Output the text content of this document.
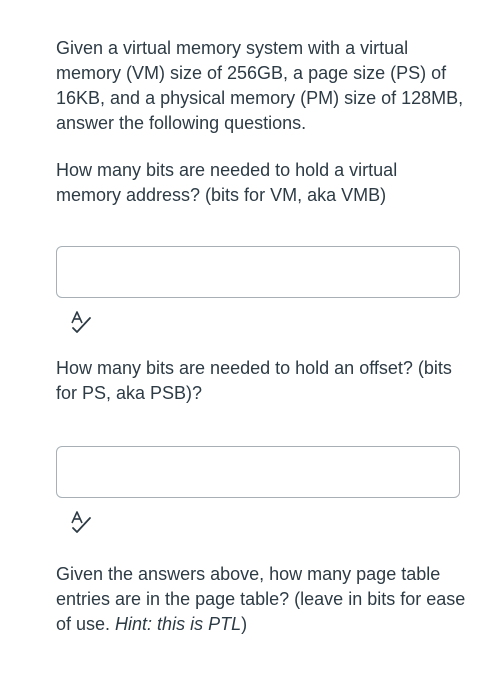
Given a virtual memory system with a virtual memory (VM) size of 256GB, a page size (PS) of 16KB, and a physical memory (PM) size of 128MB, answer the following questions.

How many bits are needed to hold a virtual memory address? (bits for VM, aka VMB)

How many bits are needed to hold an offset? (bits for PS, aka PSB)?

Given the answers above, how many page table entries are in the page table? (leave in bits for ease of use. Hint: this is PTL)
